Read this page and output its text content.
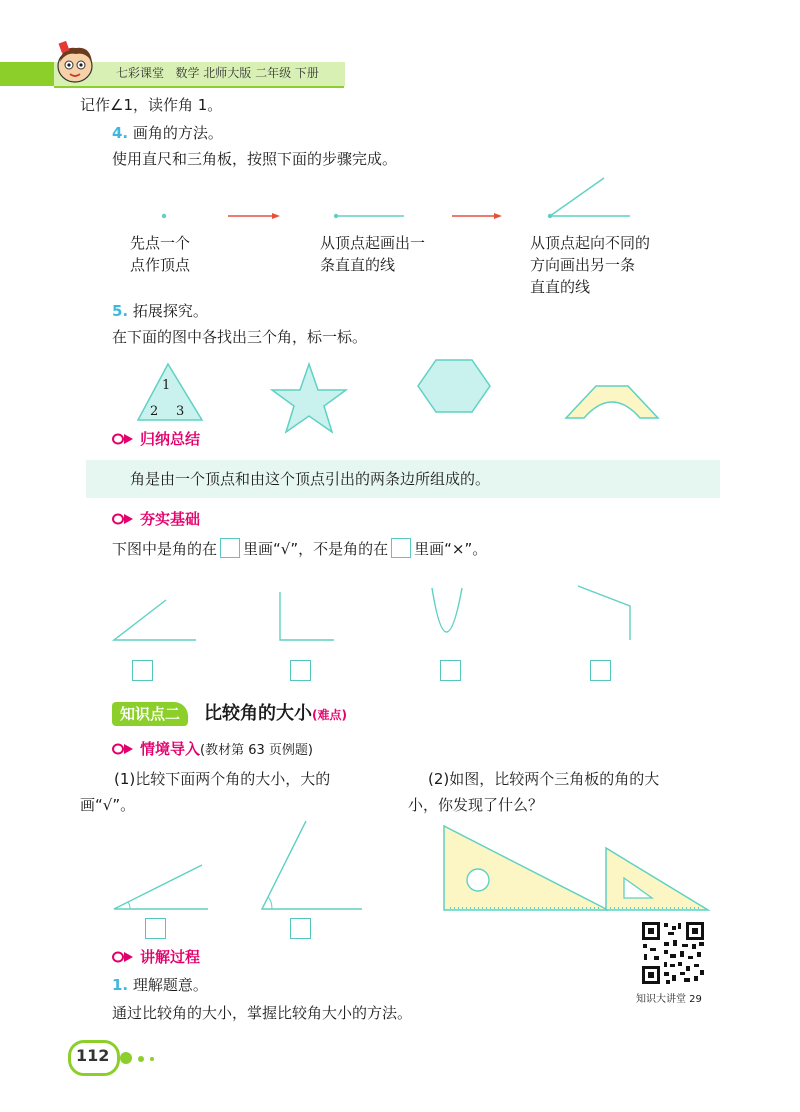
七彩课堂 数学 北师大版 二年级 下册
记作∠1，读作角 1。
4. 画角的方法。
使用直尺和三角板，按照下面的步骤完成。
先点一个
点作顶点
从顶点起画出一
条直直的线
从顶点起向不同的
方向画出另一条
直直的线
5. 拓展探究。
在下面的图中各找出三个角，标一标。
1
2 3
归纳总结
角是由一个顶点和由这个顶点引出的两条边所组成的。
夯实基础
下图中是角的在 里画“√”，不是角的在 里画“×”。
知识点二	比较角的大小(难点)
情境导入(教材第 63 页例题)
(1)比较下面两个角的大小，大的
画“√”。
(2)如图，比较两个三角板的角的大
小，你发现了什么？
知识大讲堂 29
讲解过程
1. 理解题意。
通过比较角的大小，掌握比较角大小的方法。
112
